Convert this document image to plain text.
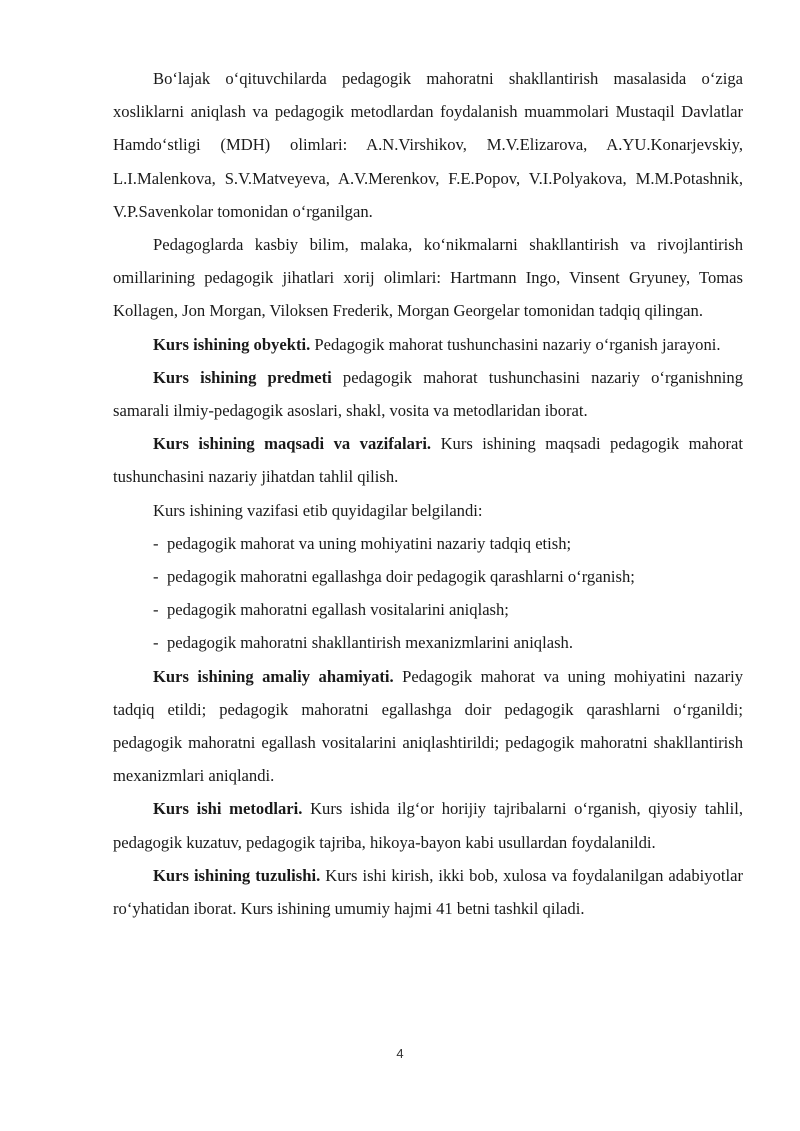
Bo‘lajak o‘qituvchilarda pedagogik mahoratni shakllantirish masalasida o‘ziga xosliklarni aniqlash va pedagogik metodlardan foydalanish muammolari Mustaqil Davlatlar Hamdo‘stligi (MDH) olimlari: A.N.Virshikov, M.V.Elizarova, A.YU.Konarjevskiy, L.I.Malenkova, S.V.Matveyeva, A.V.Merenkov, F.E.Popov, V.I.Polyakova, M.M.Potashnik, V.P.Savenkolar tomonidan o‘rganilgan.

Pedagoglarda kasbiy bilim, malaka, ko‘nikmalarni shakllantirish va rivojlantirish omillarining pedagogik jihatlari xorij olimlari: Hartmann Ingo, Vinsent Gryuney, Tomas Kollagen, Jon Morgan, Viloksen Frederik, Morgan Georgelar tomonidan tadqiq qilingan.

Kurs ishining obyekti. Pedagogik mahorat tushunchasini nazariy o‘rganish jarayoni.

Kurs ishining predmeti pedagogik mahorat tushunchasini nazariy o‘rganishning samarali ilmiy-pedagogik asoslari, shakl, vosita va metodlaridan iborat.

Kurs ishining maqsadi va vazifalari. Kurs ishining maqsadi pedagogik mahorat tushunchasini nazariy jihatdan tahlil qilish.

Kurs ishining vazifasi etib quyidagilar belgilandi:

- pedagogik mahorat va uning mohiyatini nazariy tadqiq etish;
- pedagogik mahoratni egallashga doir pedagogik qarashlarni o‘rganish;
- pedagogik mahoratni egallash vositalarini aniqlash;
- pedagogik mahoratni shakllantirish mexanizmlarini aniqlash.

Kurs ishining amaliy ahamiyati. Pedagogik mahorat va uning mohiyatini nazariy tadqiq etildi; pedagogik mahoratni egallashga doir pedagogik qarashlarni o‘rganildi; pedagogik mahoratni egallash vositalarini aniqlashtirildi; pedagogik mahoratni shakllantirish mexanizmlari aniqlandi.

Kurs ishi metodlari. Kurs ishida ilg‘or horijiy tajribalarni o‘rganish, qiyosiy tahlil, pedagogik kuzatuv, pedagogik tajriba, hikoya-bayon kabi usullardan foydalanildi.

Kurs ishining tuzulishi. Kurs ishi kirish, ikki bob, xulosa va foydalanilgan adabiyotlar ro‘yhatidan iborat. Kurs ishining umumiy hajmi 41 betni tashkil qiladi.

4
